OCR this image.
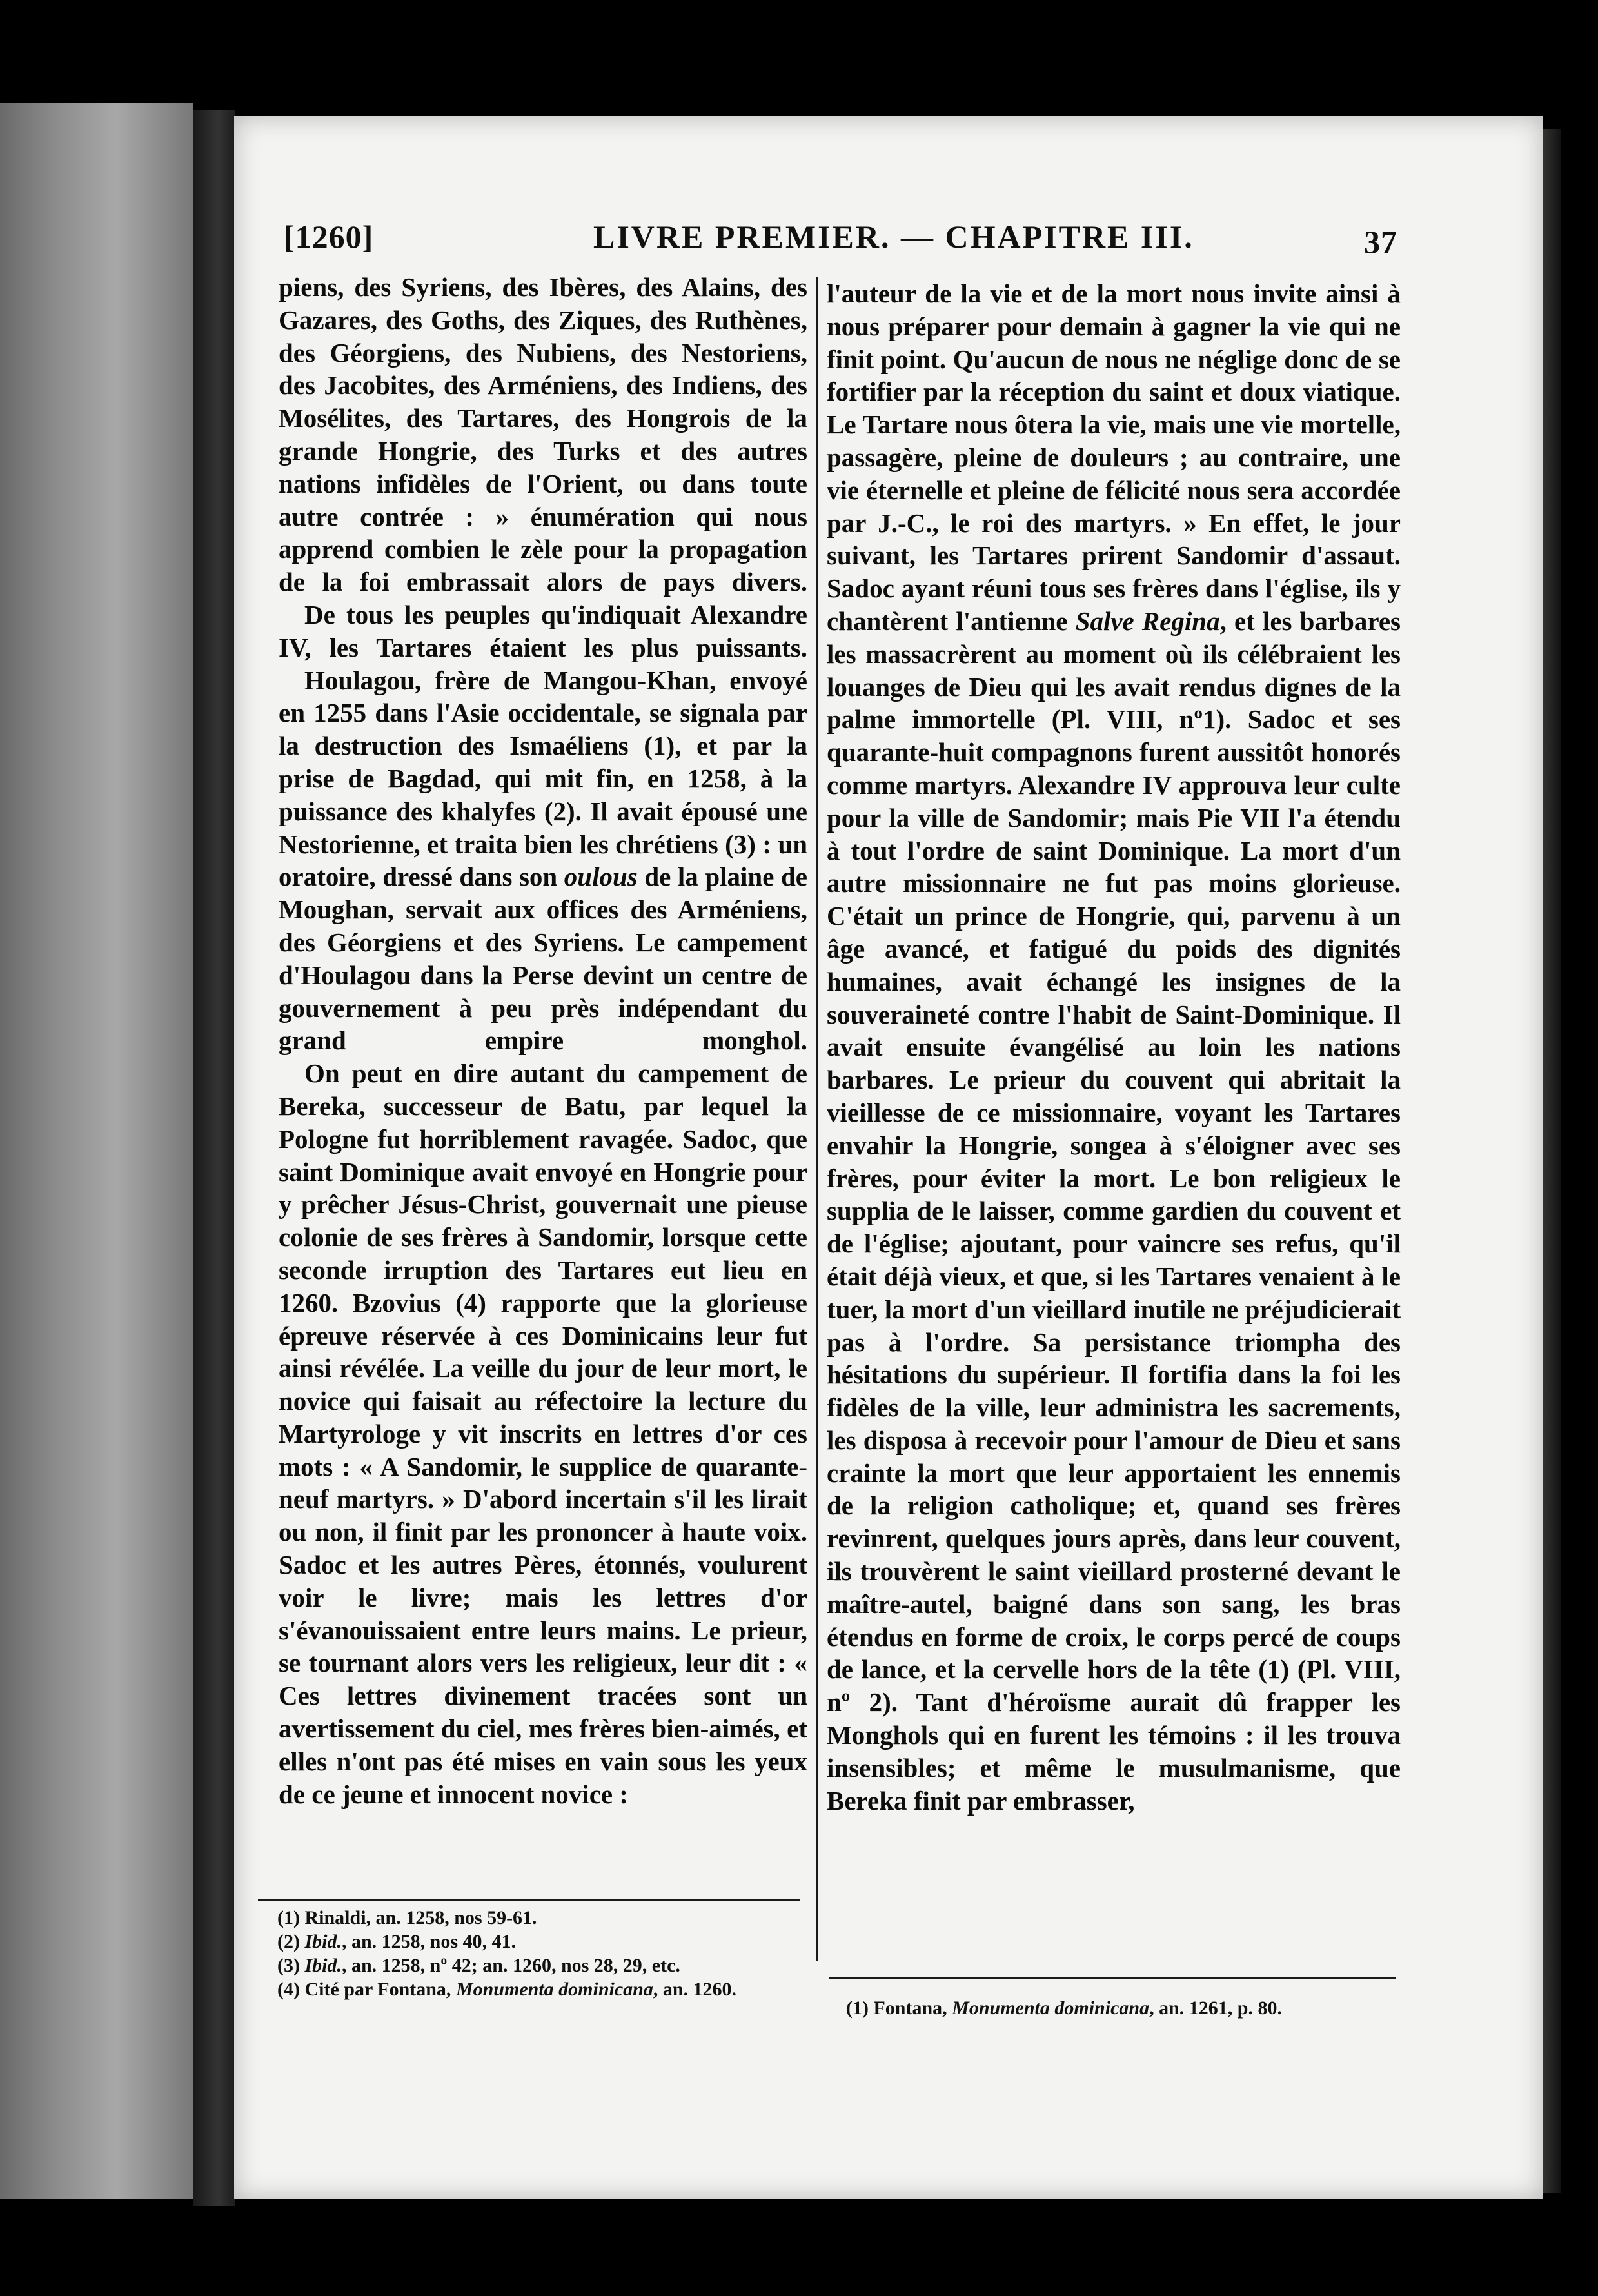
[1260]	LIVRE PREMIER. — CHAPITRE III.	37

piens, des Syriens, des Ibères, des Alains, des Gazares, des Goths, des Ziques, des Ruthènes, des Géorgiens, des Nubiens, des Nestoriens, des Jacobites, des Arméniens, des Indiens, des Mosélites, des Tartares, des Hongrois de la grande Hongrie, des Turks et des autres nations infidèles de l'Orient, ou dans toute autre contrée : » énumération qui nous apprend combien le zèle pour la propagation de la foi embrassait alors de pays divers.

De tous les peuples qu'indiquait Alexandre IV, les Tartares étaient les plus puissants.

Houlagou, frère de Mangou-Khan, envoyé en 1255 dans l'Asie occidentale, se signala par la destruction des Ismaéliens (1), et par la prise de Bagdad, qui mit fin, en 1258, à la puissance des khalyfes (2). Il avait épousé une Nestorienne, et traita bien les chrétiens (3) : un oratoire, dressé dans son oulous de la plaine de Moughan, servait aux offices des Arméniens, des Géorgiens et des Syriens. Le campement d'Houlagou dans la Perse devint un centre de gouvernement à peu près indépendant du grand empire monghol.

On peut en dire autant du campement de Bereka, successeur de Batu, par lequel la Pologne fut horriblement ravagée. Sadoc, que saint Dominique avait envoyé en Hongrie pour y prêcher Jésus-Christ, gouvernait une pieuse colonie de ses frères à Sandomir, lorsque cette seconde irruption des Tartares eut lieu en 1260. Bzovius (4) rapporte que la glorieuse épreuve réservée à ces Dominicains leur fut ainsi révélée. La veille du jour de leur mort, le novice qui faisait au réfectoire la lecture du Martyrologe y vit inscrits en lettres d'or ces mots : « A Sandomir, le supplice de quarante-neuf martyrs. » D'abord incertain s'il les lirait ou non, il finit par les prononcer à haute voix. Sadoc et les autres Pères, étonnés, voulurent voir le livre; mais les lettres d'or s'évanouissaient entre leurs mains. Le prieur, se tournant alors vers les religieux, leur dit : « Ces lettres divinement tracées sont un avertissement du ciel, mes frères bien-aimés, et elles n'ont pas été mises en vain sous les yeux de ce jeune et innocent novice :

l'auteur de la vie et de la mort nous invite ainsi à nous préparer pour demain à gagner la vie qui ne finit point. Qu'aucun de nous ne néglige donc de se fortifier par la réception du saint et doux viatique. Le Tartare nous ôtera la vie, mais une vie mortelle, passagère, pleine de douleurs ; au contraire, une vie éternelle et pleine de félicité nous sera accordée par J.-C., le roi des martyrs. » En effet, le jour suivant, les Tartares prirent Sandomir d'assaut. Sadoc ayant réuni tous ses frères dans l'église, ils y chantèrent l'antienne Salve Regina, et les barbares les massacrèrent au moment où ils célébraient les louanges de Dieu qui les avait rendus dignes de la palme immortelle (Pl. VIII, nº1). Sadoc et ses quarante-huit compagnons furent aussitôt honorés comme martyrs. Alexandre IV approuva leur culte pour la ville de Sandomir; mais Pie VII l'a étendu à tout l'ordre de saint Dominique. La mort d'un autre missionnaire ne fut pas moins glorieuse. C'était un prince de Hongrie, qui, parvenu à un âge avancé, et fatigué du poids des dignités humaines, avait échangé les insignes de la souveraineté contre l'habit de Saint-Dominique. Il avait ensuite évangélisé au loin les nations barbares. Le prieur du couvent qui abritait la vieillesse de ce missionnaire, voyant les Tartares envahir la Hongrie, songea à s'éloigner avec ses frères, pour éviter la mort. Le bon religieux le supplia de le laisser, comme gardien du couvent et de l'église; ajoutant, pour vaincre ses refus, qu'il était déjà vieux, et que, si les Tartares venaient à le tuer, la mort d'un vieillard inutile ne préjudicierait pas à l'ordre. Sa persistance triompha des hésitations du supérieur. Il fortifia dans la foi les fidèles de la ville, leur administra les sacrements, les disposa à recevoir pour l'amour de Dieu et sans crainte la mort que leur apportaient les ennemis de la religion catholique; et, quand ses frères revinrent, quelques jours après, dans leur couvent, ils trouvèrent le saint vieillard prosterné devant le maître-autel, baigné dans son sang, les bras étendus en forme de croix, le corps percé de coups de lance, et la cervelle hors de la tête (1) (Pl. VIII, nº 2). Tant d'héroïsme aurait dû frapper les Monghols qui en furent les témoins : il les trouva insensibles; et même le musulmanisme, que Bereka finit par embrasser,

(1) Rinaldi, an. 1258, nos 59-61.
(2) Ibid., an. 1258, nos 40, 41.
(3) Ibid., an. 1258, nº 42; an. 1260, nos 28, 29, etc.
(4) Cité par Fontana, Monumenta dominicana, an. 1260.
(1) Fontana, Monumenta dominicana, an. 1261, p. 80.
